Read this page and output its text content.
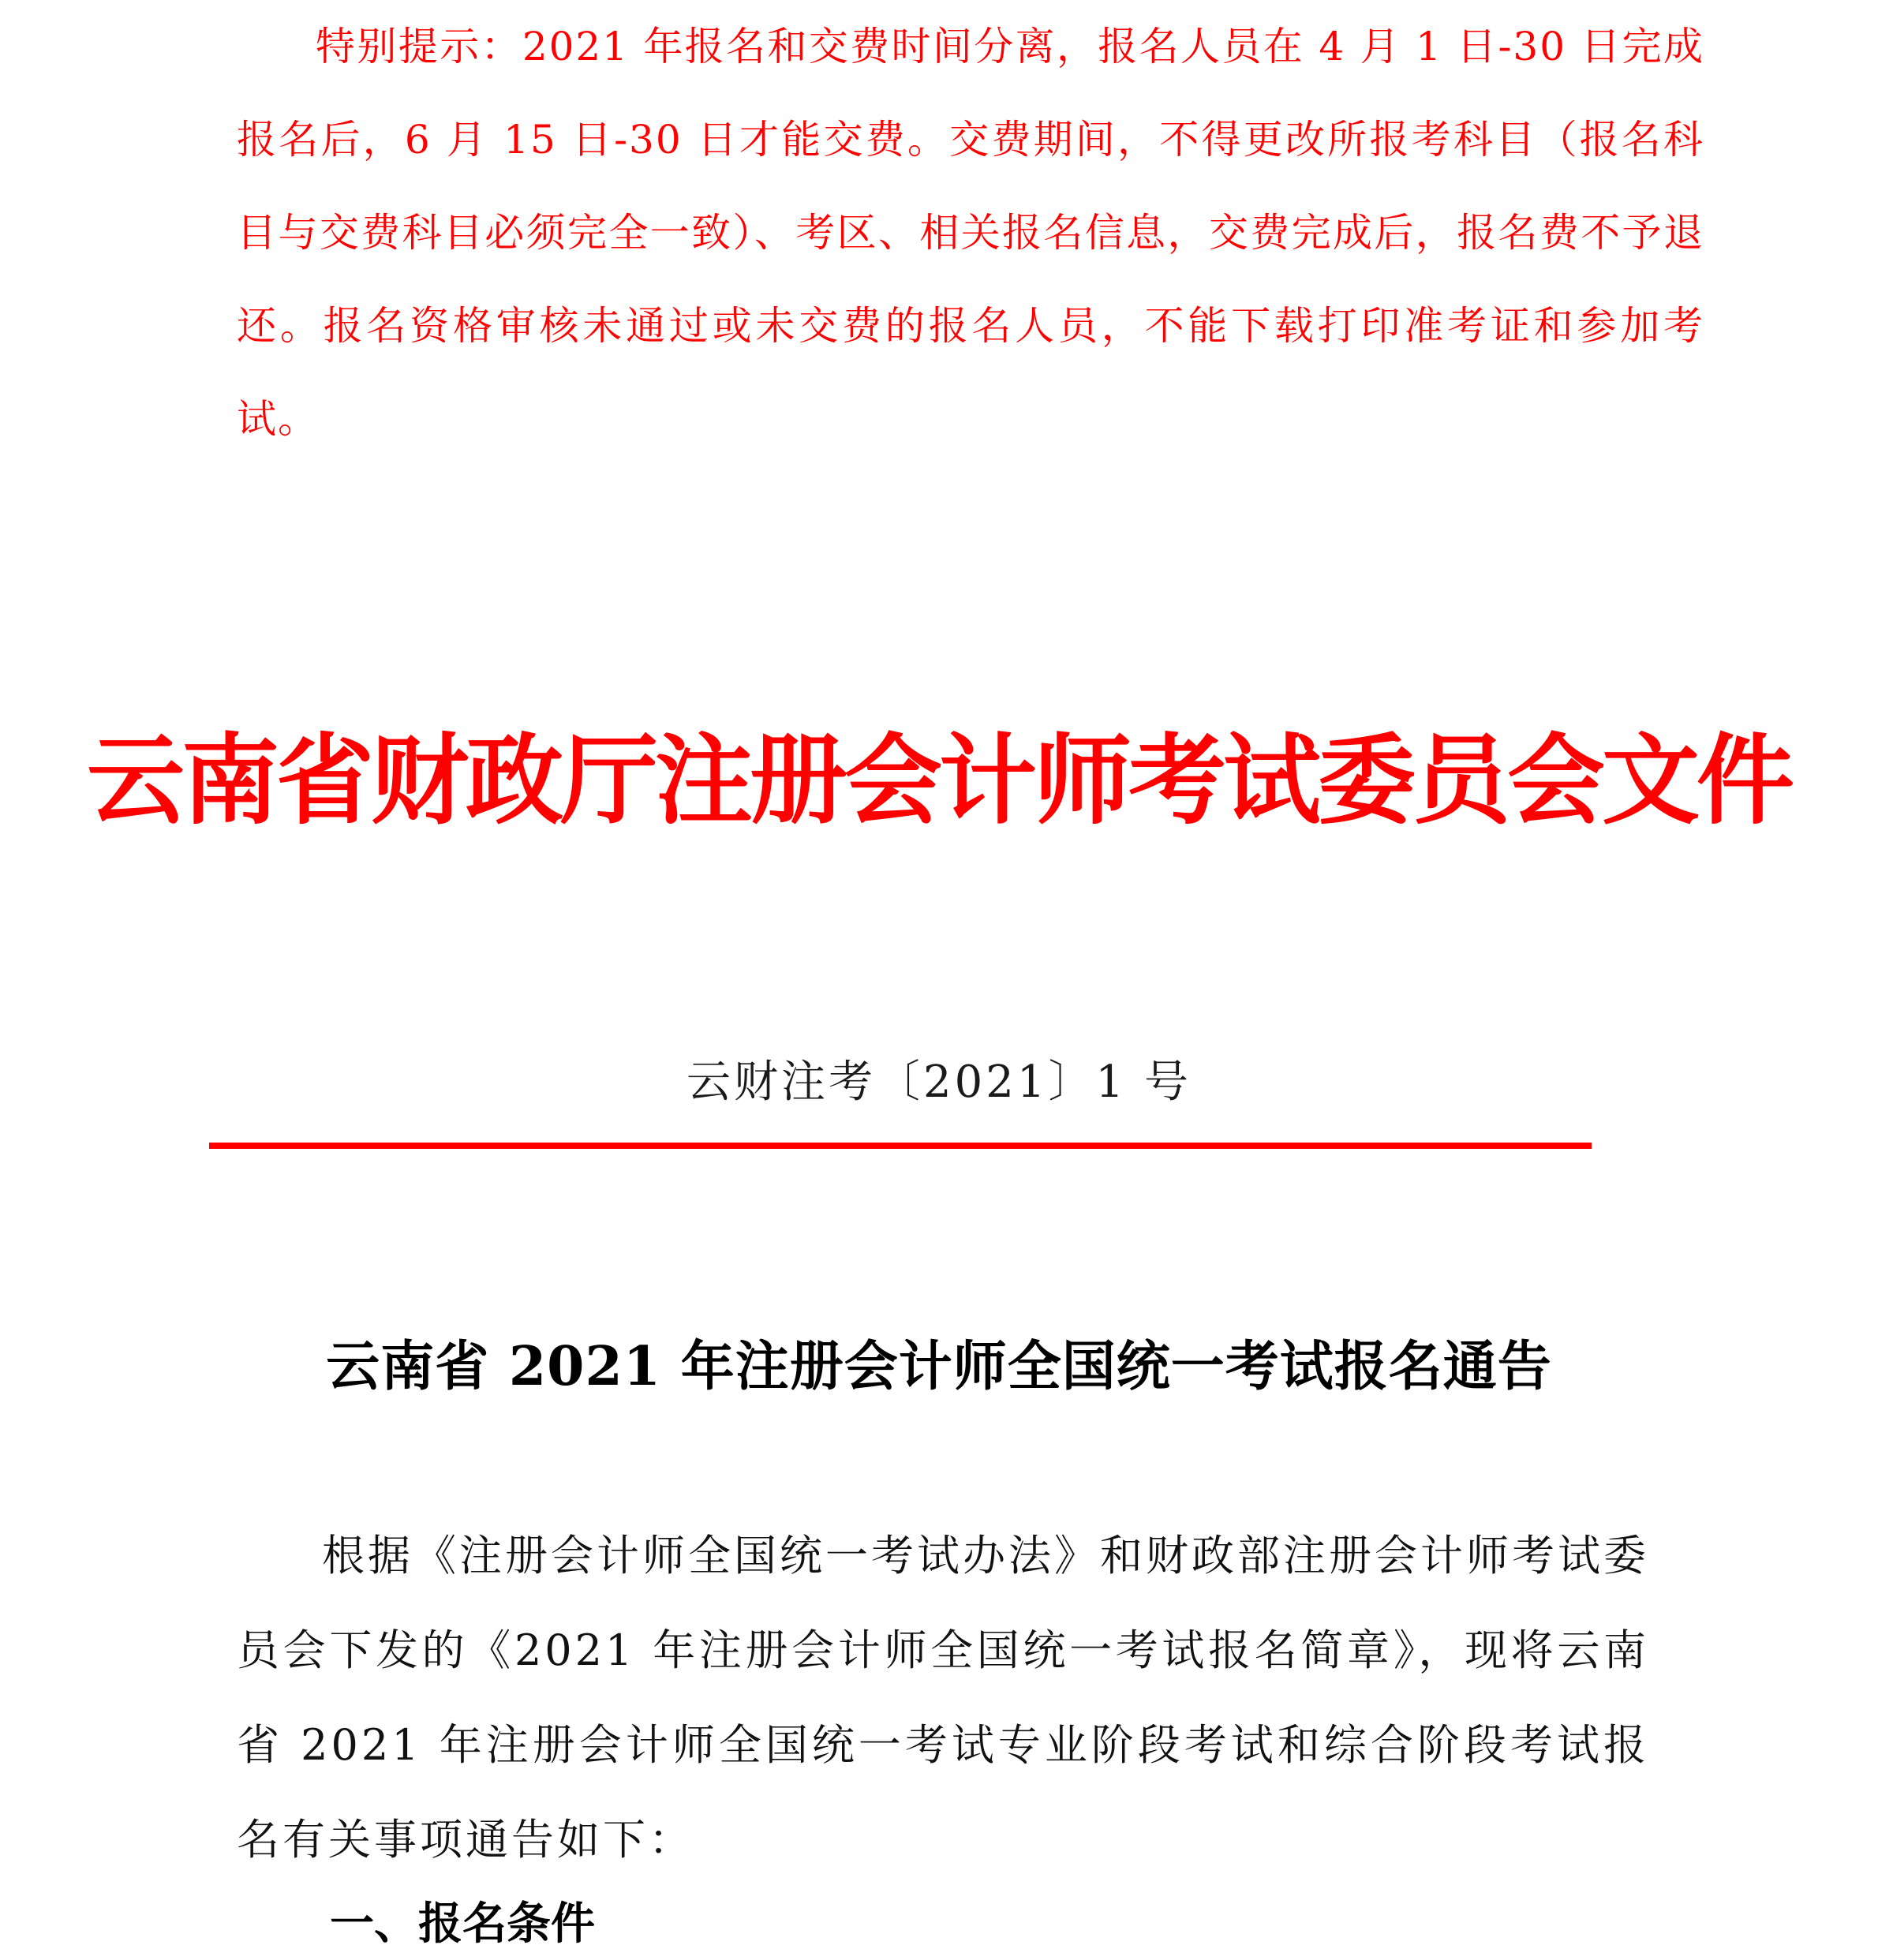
特别提示：2021 年报名和交费时间分离，报名人员在 4 月 1 日-30 日完成报名后，6 月 15 日-30 日才能交费。交费期间，不得更改所报考科目（报名科目与交费科目必须完全一致）、考区、相关报名信息，交费完成后，报名费不予退还。报名资格审核未通过或未交费的报名人员，不能下载打印准考证和参加考试。
云南省财政厅注册会计师考试委员会文件
云财注考〔2021〕1 号
云南省 2021 年注册会计师全国统一考试报名通告
根据《注册会计师全国统一考试办法》和财政部注册会计师考试委员会下发的《2021 年注册会计师全国统一考试报名简章》，现将云南省 2021 年注册会计师全国统一考试专业阶段考试和综合阶段考试报名有关事项通告如下：
一、报名条件
